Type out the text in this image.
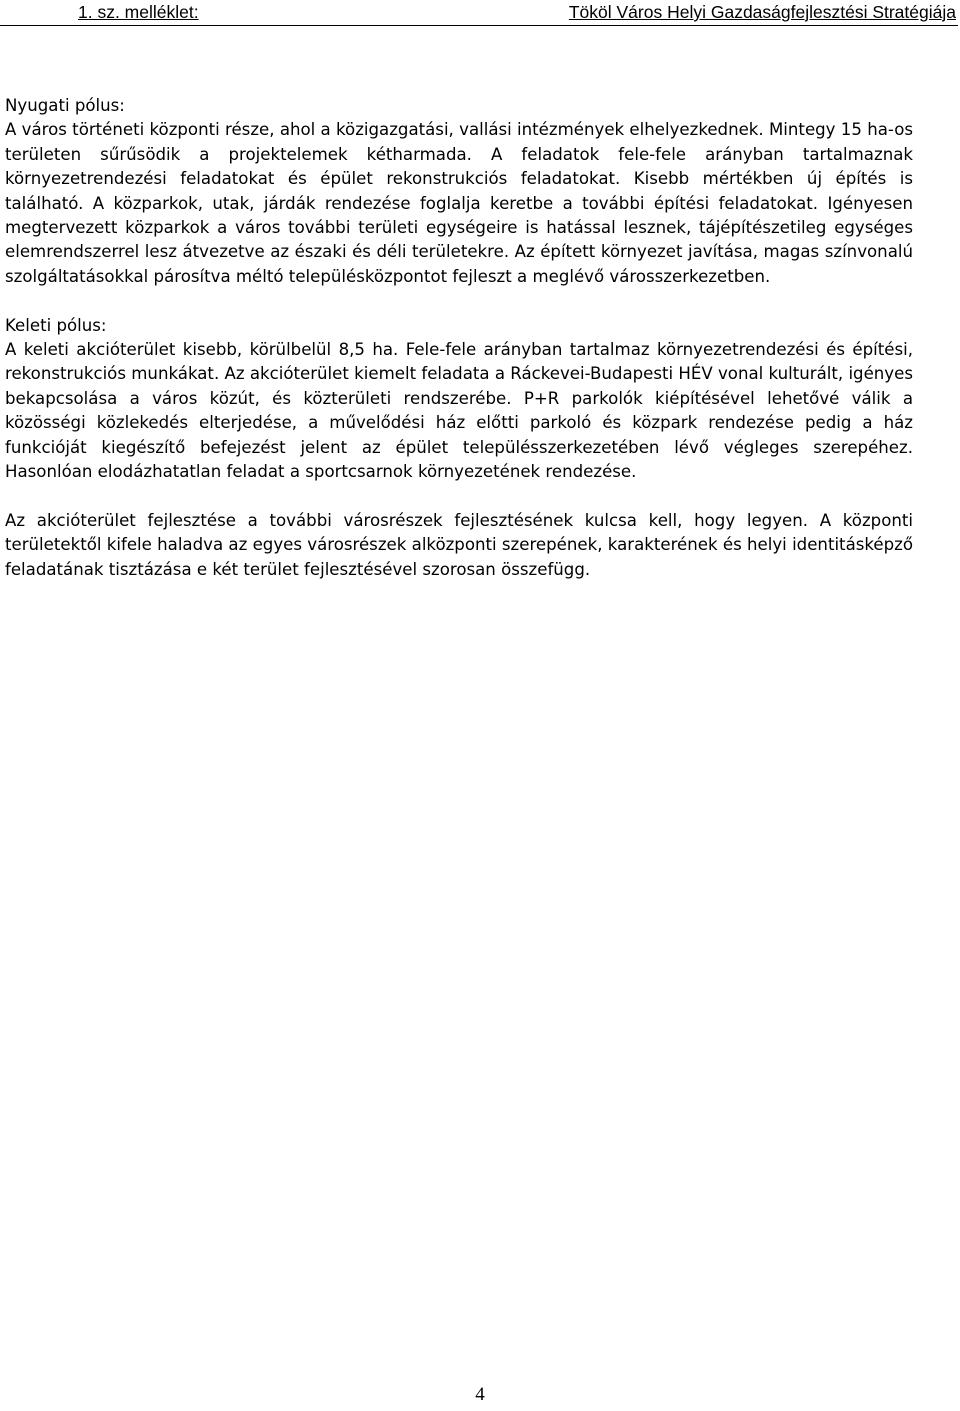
1. sz. melléklet:	Tököl Város Helyi Gazdaságfejlesztési Stratégiája

Nyugati pólus:

A város történeti központi része, ahol a közigazgatási, vallási intézmények elhelyezkednek. Mintegy 15 ha-os területen sűrűsödik a projektelemek kétharmada. A feladatok fele-fele arányban tartalmaznak környezetrendezési feladatokat és épület rekonstrukciós feladatokat. Kisebb mértékben új építés is található. A közparkok, utak, járdák rendezése foglalja keretbe a további építési feladatokat. Igényesen megtervezett közparkok a város további területi egységeire is hatással lesznek, tájépítészetileg egységes elemrendszerrel lesz átvezetve az északi és déli területekre. Az épített környezet javítása, magas színvonalú szolgáltatásokkal párosítva méltó településközpontot fejleszt a meglévő városszerkezetben.

Keleti pólus:

A keleti akcióterület kisebb, körülbelül 8,5 ha. Fele-fele arányban tartalmaz környezetrendezési és építési, rekonstrukciós munkákat. Az akcióterület kiemelt feladata a Ráckevei-Budapesti HÉV vonal kulturált, igényes bekapcsolása a város közút, és közterületi rendszerébe. P+R parkolók kiépítésével lehetővé válik a közösségi közlekedés elterjedése, a művelődési ház előtti parkoló és közpark rendezése pedig a ház funkcióját kiegészítő befejezést jelent az épület településszerkezetében lévő végleges szerepéhez. Hasonlóan elodázhatatlan feladat a sportcsarnok környezetének rendezése.

Az akcióterület fejlesztése a további városrészek fejlesztésének kulcsa kell, hogy legyen. A központi területektől kifele haladva az egyes városrészek alközponti szerepének, karakterének és helyi identitásképző feladatának tisztázása e két terület fejlesztésével szorosan összefügg.

4
